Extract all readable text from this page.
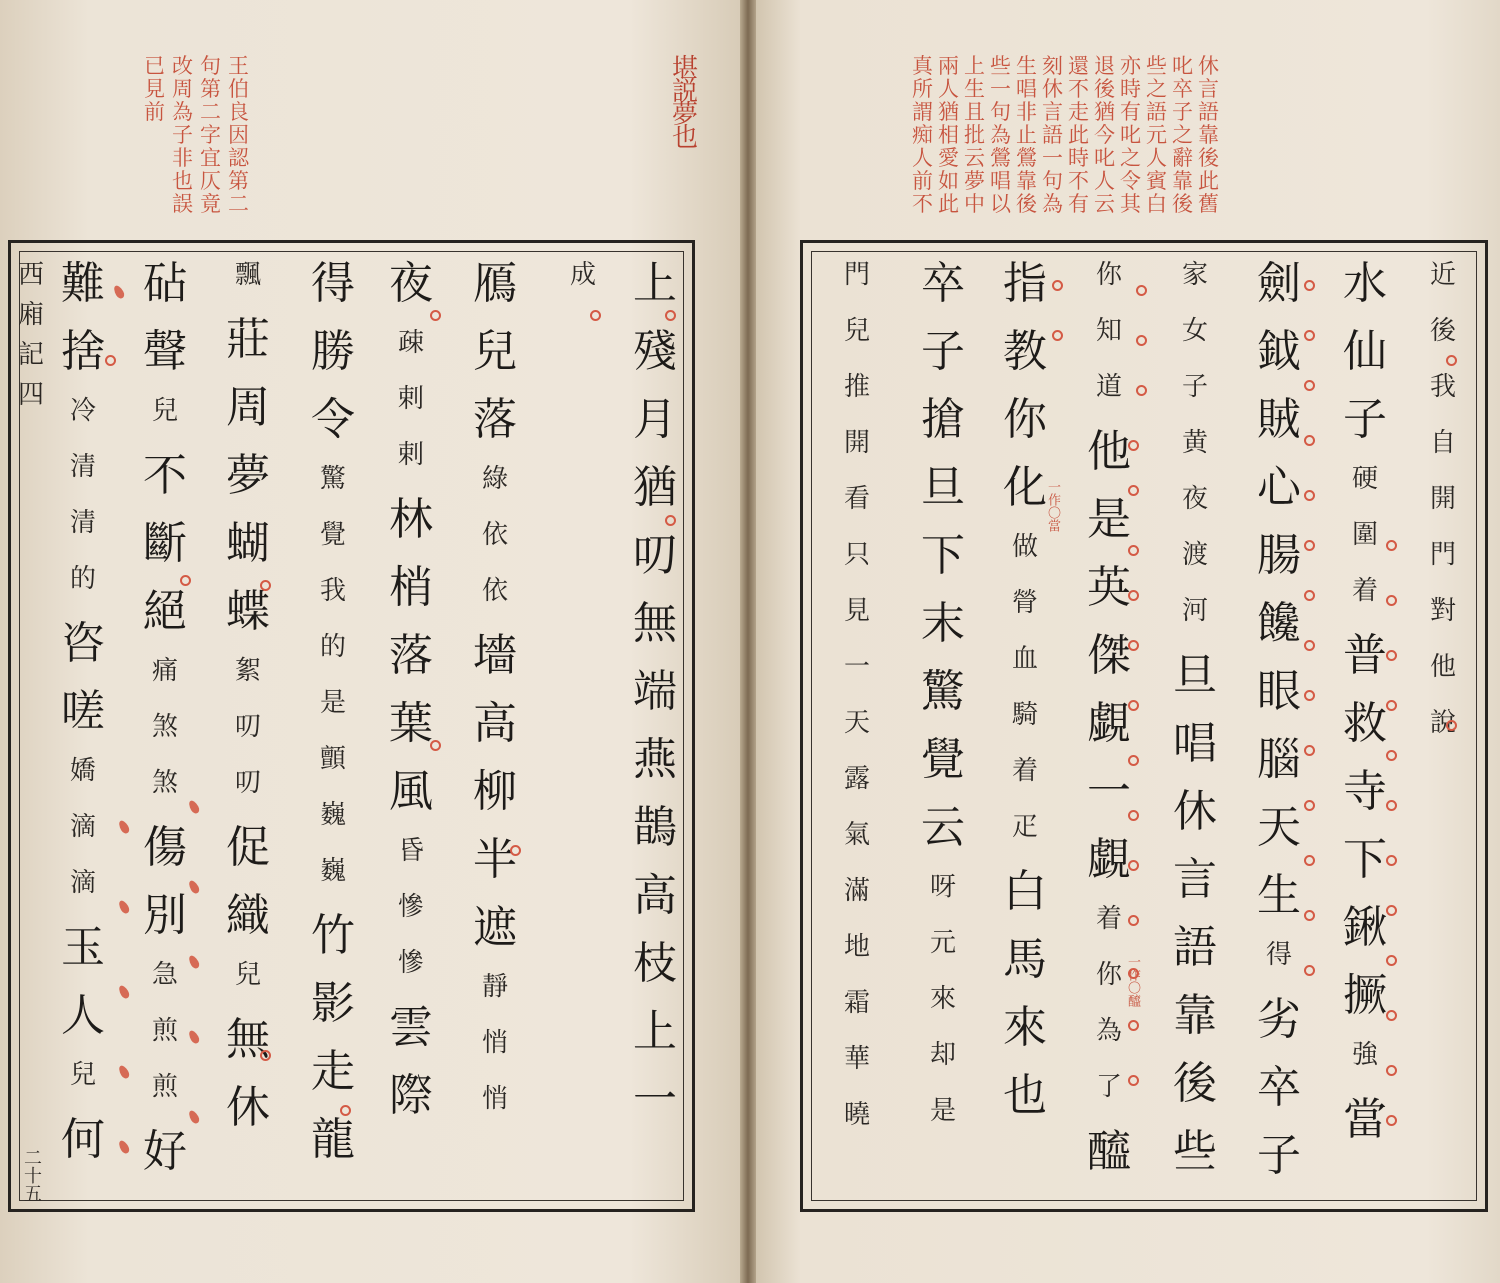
堪
説
夢
也
王
伯
良
因
認
第
二
句
第
二
字
宜
仄
竟
改
周
為
子
非
也
誤
已
見
前
上
殘
月
猶
叨
無
端
燕
鵲
高
枝
上
一
成
鴈
兒
落
綠
依
依
墻
高
柳
半
遮
靜
悄
悄
夜
疎
剌
剌
林
梢
落
葉
風
昏
慘
慘
雲
際
得
勝
令
驚
覺
我
的
是
顫
巍
巍
竹
影
走
龍
飄
莊
周
夢
蝴
蝶
絮
叨
叨
促
織
兒
無
休
砧
聲
兒
不
斷
絕
痛
煞
煞
傷
別
急
煎
煎
好
難
捨
冷
清
清
的
咨
嗟
嬌
滴
滴
玉
人
兒
何
西
廂
記
四
二
十
五
休
言
語
靠
後
此
舊
叱
卒
子
之
辭
靠
後
些
之
語
元
人
賓
白
亦
時
有
叱
之
令
其
退
後
猶
今
叱
人
云
還
不
走
此
時
不
有
刻
休
言
語
一
句
為
生
唱
非
止
鶯
靠
後
些
一
句
為
鶯
唱
以
上
生
且
批
云
夢
中
兩
人
猶
相
愛
如
此
真
所
謂
痴
人
前
不
近
後
我
自
開
門
對
他
說
水
仙
子
硬
圍
着
普
救
寺
下
鍬
撅
強
當
劍
鉞
賊
心
腸
饞
眼
腦
天
生
得
劣
卒
子
家
女
子
黄
夜
渡
河
旦
唱
休
言
語
靠
後
些
你
知
道
他
是
英
傑
覷
一
覷
着
你
為
了
醯
指
教
你
化
做
膋
血
騎
着
疋
白
馬
來
也
卒
子
搶
旦
下
末
驚
覺
云
呀
元
來
却
是
門
兒
推
開
看
只
見
一
天
露
氣
滿
地
霜
華
曉
一作〇當
一作〇醯
